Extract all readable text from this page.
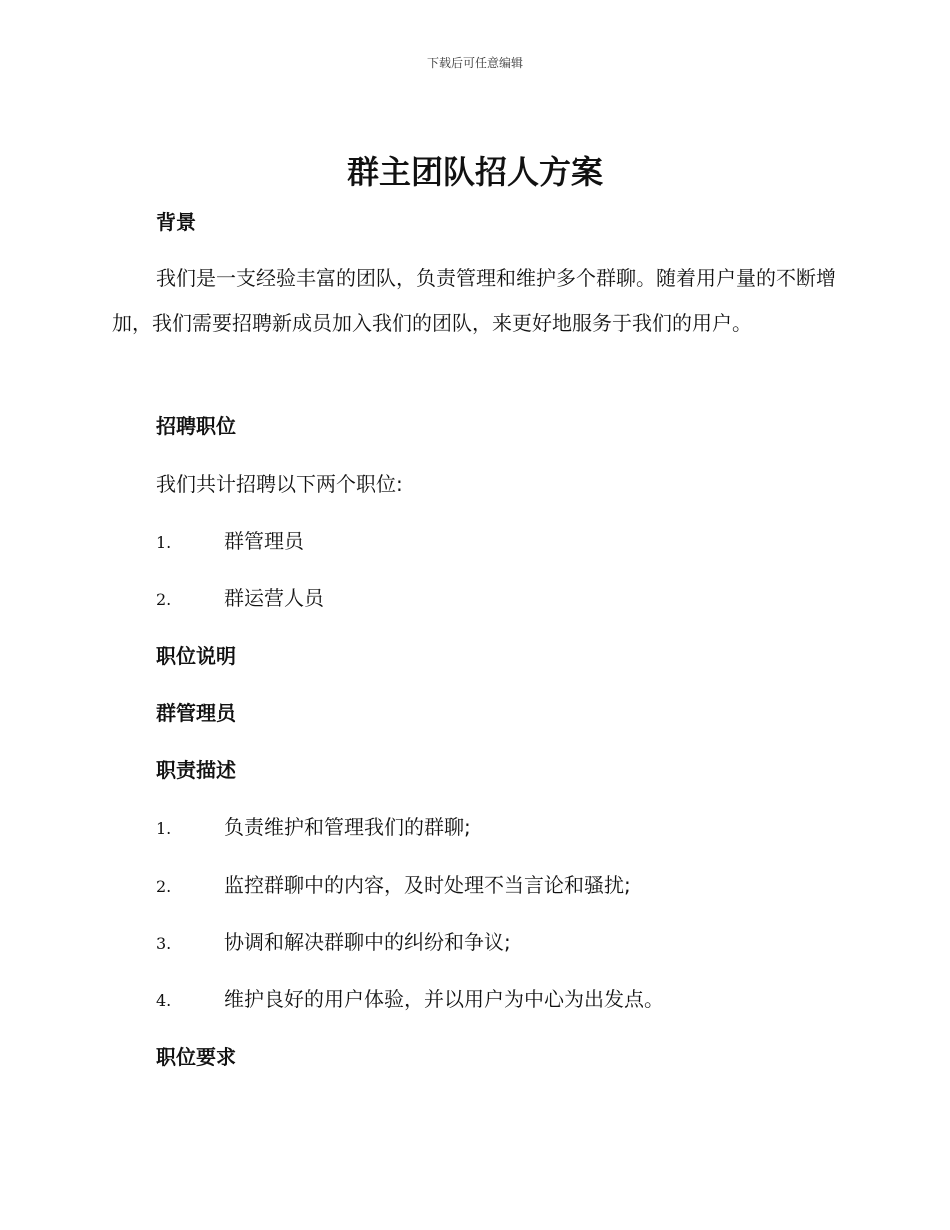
下载后可任意编辑
群主团队招人方案
背景

我们是一支经验丰富的团队，负责管理和维护多个群聊。随着用户量的不断增加，我们需要招聘新成员加入我们的团队，来更好地服务于我们的用户。

招聘职位

我们共计招聘以下两个职位:

1.	群管理员
2.	群运营人员
职位说明
群管理员
职责描述
1.	负责维护和管理我们的群聊;
2.	监控群聊中的内容，及时处理不当言论和骚扰;
3.	协调和解决群聊中的纠纷和争议;
4.	维护良好的用户体验，并以用户为中心为出发点。
职位要求
